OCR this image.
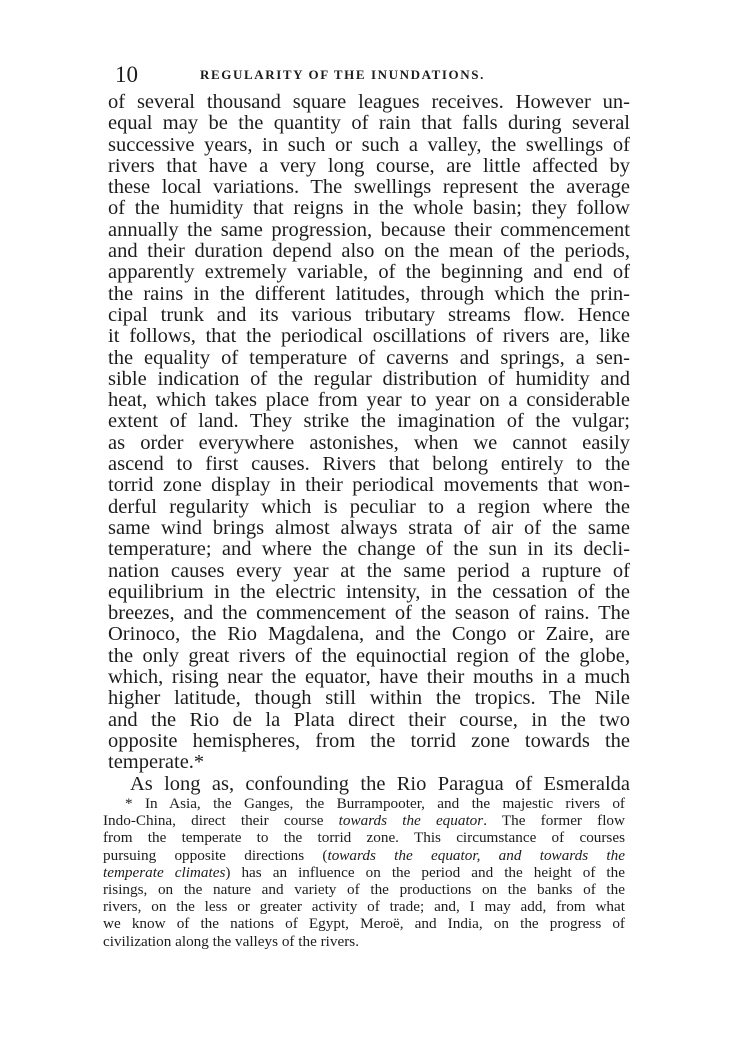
10	REGULARITY OF THE INUNDATIONS.
of several thousand square leagues receives. However un-
equal may be the quantity of rain that falls during several
successive years, in such or such a valley, the swellings of
rivers that have a very long course, are little affected by
these local variations. The swellings represent the average
of the humidity that reigns in the whole basin; they follow
annually the same progression, because their commencement
and their duration depend also on the mean of the periods,
apparently extremely variable, of the beginning and end of
the rains in the different latitudes, through which the prin-
cipal trunk and its various tributary streams flow. Hence
it follows, that the periodical oscillations of rivers are, like
the equality of temperature of caverns and springs, a sen-
sible indication of the regular distribution of humidity and
heat, which takes place from year to year on a considerable
extent of land. They strike the imagination of the vulgar;
as order everywhere astonishes, when we cannot easily
ascend to first causes. Rivers that belong entirely to the
torrid zone display in their periodical movements that won-
derful regularity which is peculiar to a region where the
same wind brings almost always strata of air of the same
temperature; and where the change of the sun in its decli-
nation causes every year at the same period a rupture of
equilibrium in the electric intensity, in the cessation of the
breezes, and the commencement of the season of rains. The
Orinoco, the Rio Magdalena, and the Congo or Zaire, are
the only great rivers of the equinoctial region of the globe,
which, rising near the equator, have their mouths in a much
higher latitude, though still within the tropics. The Nile
and the Rio de la Plata direct their course, in the two
opposite hemispheres, from the torrid zone towards the
temperate.*
As long as, confounding the Rio Paragua of Esmeralda
* In Asia, the Ganges, the Burrampooter, and the majestic rivers of
Indo-China, direct their course towards the equator. The former flow
from the temperate to the torrid zone. This circumstance of courses
pursuing opposite directions (towards the equator, and towards the
temperate climates) has an influence on the period and the height of the
risings, on the nature and variety of the productions on the banks of the
rivers, on the less or greater activity of trade; and, I may add, from what
we know of the nations of Egypt, Meroë, and India, on the progress of
civilization along the valleys of the rivers.
